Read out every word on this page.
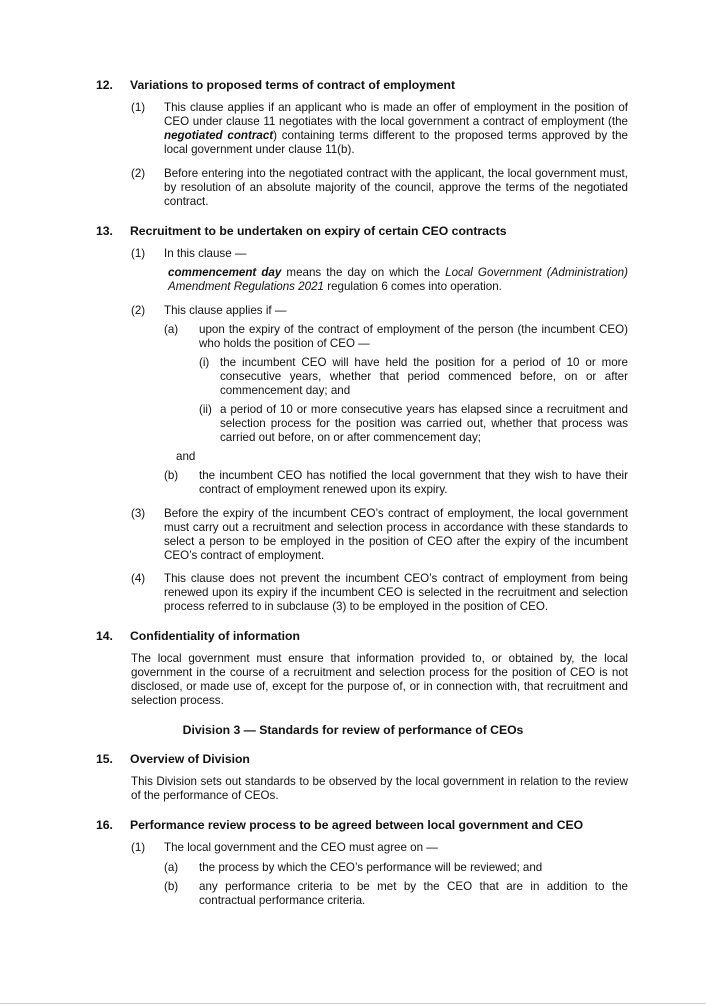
12. Variations to proposed terms of contract of employment
(1) This clause applies if an applicant who is made an offer of employment in the position of CEO under clause 11 negotiates with the local government a contract of employment (the negotiated contract) containing terms different to the proposed terms approved by the local government under clause 11(b).
(2) Before entering into the negotiated contract with the applicant, the local government must, by resolution of an absolute majority of the council, approve the terms of the negotiated contract.
13. Recruitment to be undertaken on expiry of certain CEO contracts
(1) In this clause —
commencement day means the day on which the Local Government (Administration) Amendment Regulations 2021 regulation 6 comes into operation.
(2) This clause applies if —
(a) upon the expiry of the contract of employment of the person (the incumbent CEO) who holds the position of CEO —
(i) the incumbent CEO will have held the position for a period of 10 or more consecutive years, whether that period commenced before, on or after commencement day; and
(ii) a period of 10 or more consecutive years has elapsed since a recruitment and selection process for the position was carried out, whether that process was carried out before, on or after commencement day;
and
(b) the incumbent CEO has notified the local government that they wish to have their contract of employment renewed upon its expiry.
(3) Before the expiry of the incumbent CEO’s contract of employment, the local government must carry out a recruitment and selection process in accordance with these standards to select a person to be employed in the position of CEO after the expiry of the incumbent CEO’s contract of employment.
(4) This clause does not prevent the incumbent CEO’s contract of employment from being renewed upon its expiry if the incumbent CEO is selected in the recruitment and selection process referred to in subclause (3) to be employed in the position of CEO.
14. Confidentiality of information
The local government must ensure that information provided to, or obtained by, the local government in the course of a recruitment and selection process for the position of CEO is not disclosed, or made use of, except for the purpose of, or in connection with, that recruitment and selection process.
Division 3 — Standards for review of performance of CEOs
15. Overview of Division
This Division sets out standards to be observed by the local government in relation to the review of the performance of CEOs.
16. Performance review process to be agreed between local government and CEO
(1) The local government and the CEO must agree on —
(a) the process by which the CEO’s performance will be reviewed; and
(b) any performance criteria to be met by the CEO that are in addition to the contractual performance criteria.
